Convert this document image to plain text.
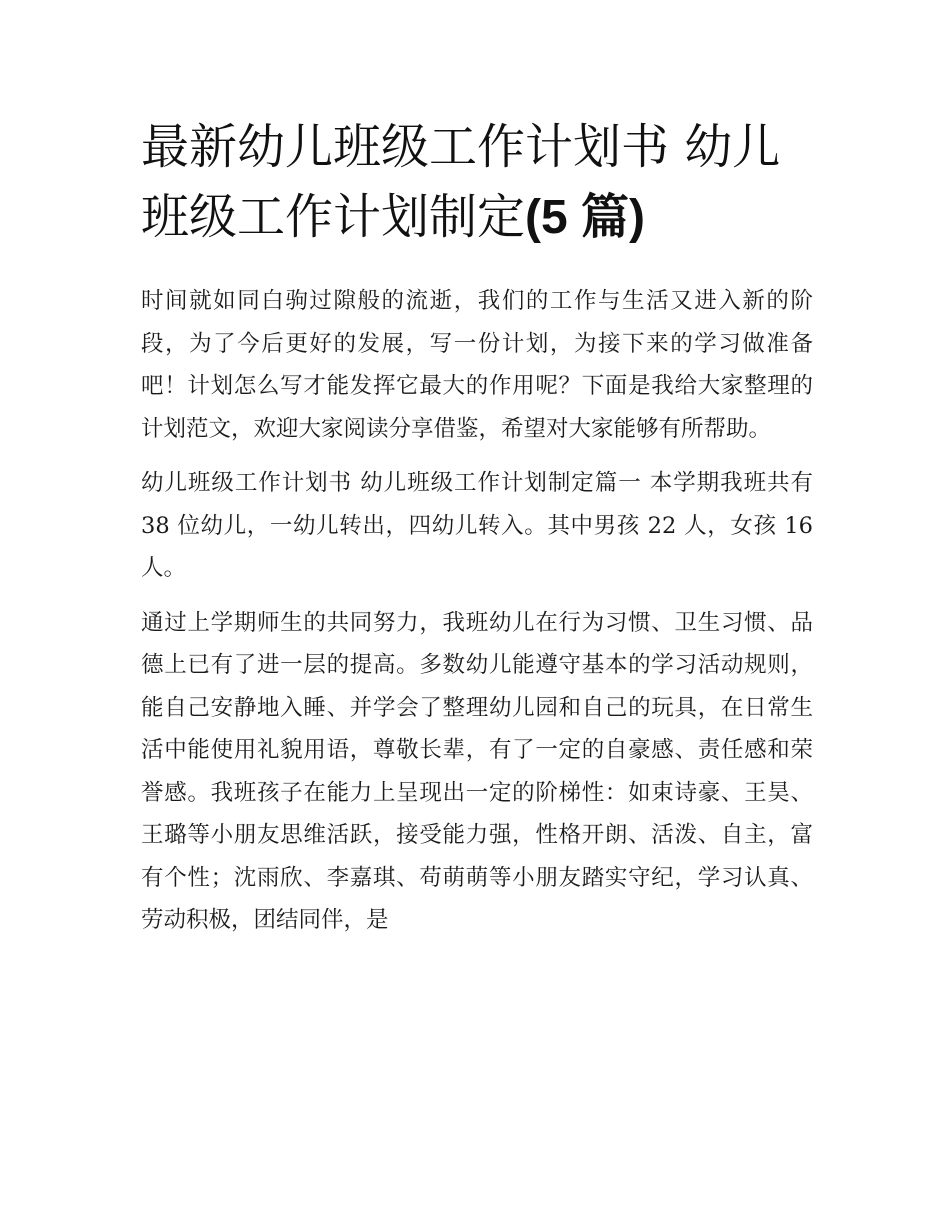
最新幼儿班级工作计划书 幼儿班级工作计划制定(5 篇)

时间就如同白驹过隙般的流逝，我们的工作与生活又进入新的阶段，为了今后更好的发展，写一份计划，为接下来的学习做准备吧！计划怎么写才能发挥它最大的作用呢？下面是我给大家整理的计划范文，欢迎大家阅读分享借鉴，希望对大家能够有所帮助。

幼儿班级工作计划书 幼儿班级工作计划制定篇一 本学期我班共有 38 位幼儿，一幼儿转出，四幼儿转入。其中男孩 22 人，女孩 16 人。

通过上学期师生的共同努力，我班幼儿在行为习惯、卫生习惯、品德上已有了进一层的提高。多数幼儿能遵守基本的学习活动规则，能自己安静地入睡、并学会了整理幼儿园和自己的玩具，在日常生活中能使用礼貌用语，尊敬长辈，有了一定的自豪感、责任感和荣誉感。我班孩子在能力上呈现出一定的阶梯性：如束诗豪、王昊、王璐等小朋友思维活跃，接受能力强，性格开朗、活泼、自主，富有个性；沈雨欣、李嘉琪、苟萌萌等小朋友踏实守纪，学习认真、劳动积极，团结同伴，是
